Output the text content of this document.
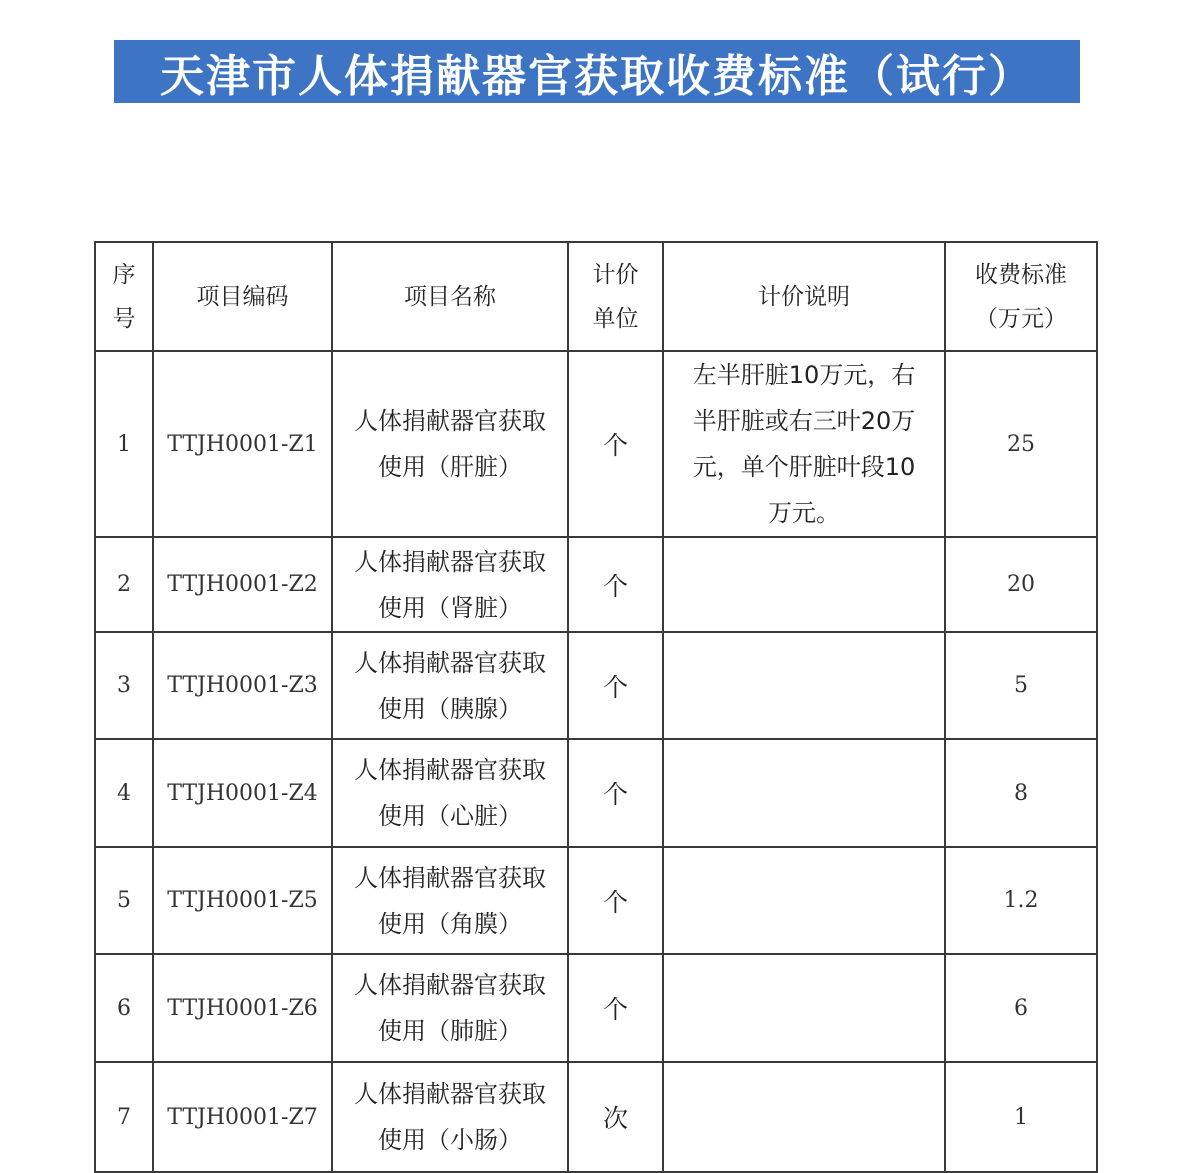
天津市人体捐献器官获取收费标准（试行）
序
号	项目编码	项目名称	计价
单位	计价说明	收费标准
（万元）

1	TTJH0001-Z1	人体捐献器官获取
使用（肝脏）	个	左半肝脏10万元，右
半肝脏或右三叶20万
元，单个肝脏叶段10
万元。	25
2	TTJH0001-Z2	人体捐献器官获取
使用（肾脏）	个		20
3	TTJH0001-Z3	人体捐献器官获取
使用（胰腺）	个		5
4	TTJH0001-Z4	人体捐献器官获取
使用（心脏）	个		8
5	TTJH0001-Z5	人体捐献器官获取
使用（角膜）	个		1.2
6	TTJH0001-Z6	人体捐献器官获取
使用（肺脏）	个		6
7	TTJH0001-Z7	人体捐献器官获取
使用（小肠）	次		1
